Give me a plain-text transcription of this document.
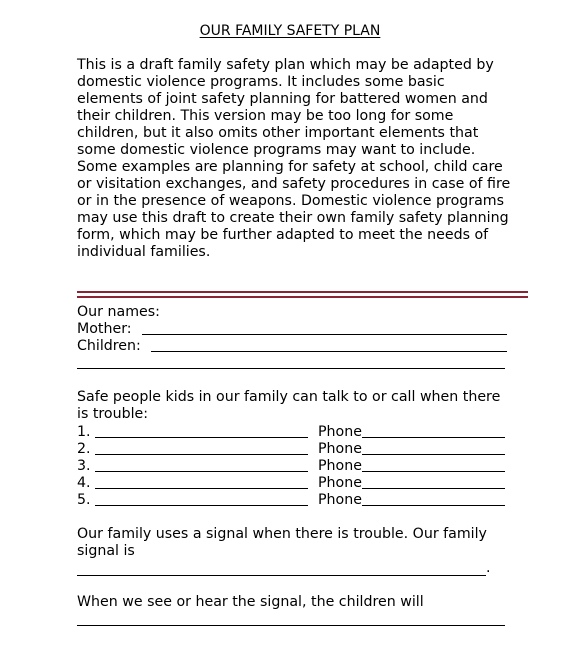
OUR FAMILY SAFETY PLAN
This is a draft family safety plan which may be adapted by
domestic violence programs. It includes some basic
elements of joint safety planning for battered women and
their children. This version may be too long for some
children, but it also omits other important elements that
some domestic violence programs may want to include.
Some examples are planning for safety at school, child care
or visitation exchanges, and safety procedures in case of fire
or in the presence of weapons. Domestic violence programs
may use this draft to create their own family safety planning
form, which may be further adapted to meet the needs of
individual families.
Our names:
Mother:
Children:
Safe people kids in our family can talk to or call when there
is trouble:
1.	Phone
2.	Phone
3.	Phone
4.	Phone
5.	Phone
Our family uses a signal when there is trouble. Our family
signal is
.
When we see or hear the signal, the children will
